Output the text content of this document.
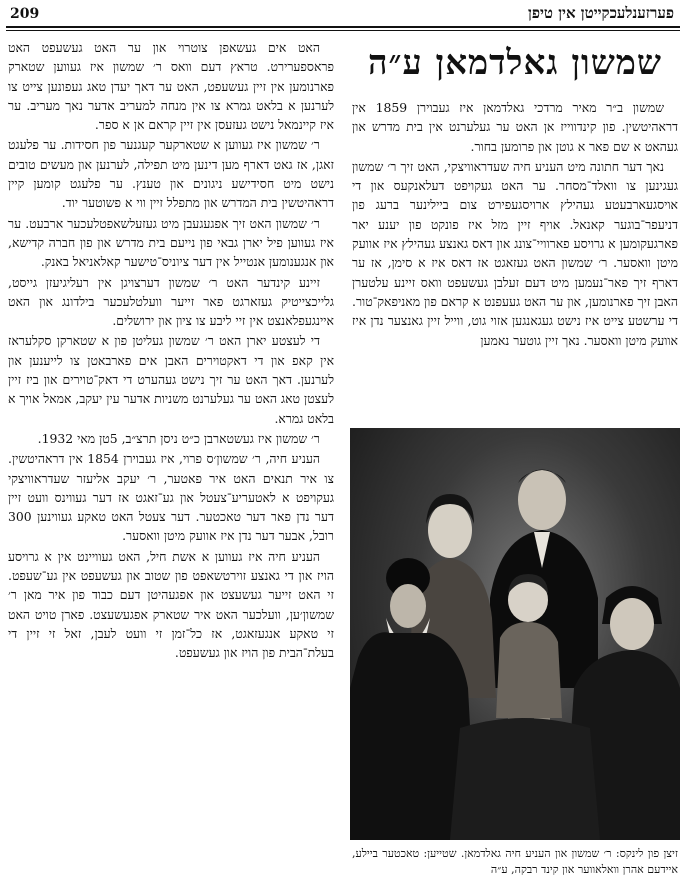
209	פערזענלעכקייטן אין טיפן
שמשון גאלדמאן ע״ה

שמשון ב״ר מאיר מרדכי גאלדמאן איז געבוירן 1859 אין דראהיטשין. פון קינדווייז אן האט ער געלערנט אין בית מדרש און געהאט א שם פאר א גוטן און פרומען בחור.

נאך דער חתונה מיט העניע חיה שעדראוויצקי, האט זיך ר׳ שמשון געגינען צו וואלד־מסחר. ער האט געקויפט דעלאנקעס און די אויסגעארבעטע געהילץ ארויסגעפירט צום ביילינער ברעג פון דניעפר־בוגער קאנאל. אויף זיין מזל איז פונקט פון יענע יאר פארגעקומען א גרויסע פארוויי־צונג און דאס גאנצע געהילץ איז אוועק מיטן וואסער. ר׳ שמשון האט געזאגט אז דאס איז א סימן, אז ער דארף זיך פאר־נעמען מיט דעם זעלבן געשעפט וואס זיינע עלטערן האבן זיך פארנומען, און ער האט געעפנט א קראם פון מאניפאק־טור. די ערשטע צייט איז נישט געגאנגען אזוי גוט, ווייל זיין גאנצער נדן איז אוועק מיטן וואסער. נאך זיין גוטער נאמען

האט אים געשאפן צוטרוי און ער האט געשעפט האט פראספערירט. טראץ דעם וואס ר׳ שמשון איז געווען שטארק פארנומען אין זיין געשעפט, האט ער דאך יעדן טאג געפונען צייט צו לערנען א בלאט גמרא צו אין מנחה למעריב אדער נאך מעריב. ער איז קיינמאל נישט געזעסן אין זיין קראם אן א ספר.

ר׳ שמשון איז געווען א שטארקער קעגנער פון חסידות. ער פלעגט זאגן, אז גאט דארף מען דינען מיט תפילה, לערנען און מעשים טובים נישט מיט חסידישע ניגונים און טענץ. ער פלעגט קומען קיין דראהיטשין בית המדרש און מתפלל זיין ווי א פשוטער יוד.

ר׳ שמשון האט זיך אפגעגעבן מיט געזעלשאפטלעכער ארבעט. ער איז געווען פיל יארן גבאי פון נייעם בית מדרש און פון חברה קדישא, און אנגענומען אנטייל אין דער ציוניס־טישער קאלאניאל באנק.

זיינע קינדער האט ר׳ שמשון דערצויגן אין רעליגיעזן גייסט, גלייכצייטיק געזארגט פאר זייער וועלטלעכער בילדונג און האט איינגעפלאנצט אין זיי ליבע צו ציון און ירושלים.

די לעצטע יארן האט ר׳ שמשון געליטן פון א שטארקן סקלעראז אין קאפ און די דאקטוירים האבן אים פארבאטן צו לייענען און לערנען. דאך האט ער זיך נישט געהערט די דאק־טוירים און ביז זיין לעצטן טאג האט ער געלערנט משניות אדער עין יעקב, אמאל אויך א בלאט גמרא.

ר׳ שמשון איז געשטארבן כ״ט ניסן תרצ״ב, 5טן מאי 1932.

העניע חיה, ר׳ שמשון׳ס פרוי, איז געבוירן 1854 אין דראהיטשין. צו איר תנאים האט איר פאטער, ר׳ יעקב אליעזר שעדראוויצקי געקויפט א לאטעריע־צעטל און גע־זאגט אז דער געווינס וועט זיין דער נדן פאר דער טאכטער. דער צעטל האט טאקע געווינען 300 רובל, אבער דער נדן איז אוועק מיטן וואסער.

העניע חיה איז געווען א אשת חיל, האט געוויינט אין א גרויסע הויז און די גאנצע זוירטשאפט פון שטוב און געשעפט אין גע־שעפט. זי האט זייער געשעצט און אפגעהיטן דעם כבוד פון איר מאן ר׳ שמשון׳ען, וועלכער האט איר שטארק אפגעשעצט. פארן טויט האט זי טאקע אנגעזאגט, אז כל־זמן זי וועט לעבן, זאל זי זיין די בעלת־הבית פון הויז און געשעפט.

זיצן פון לינקס: ר׳ שמשון און העניע חיה גאלדמאן. שטייען: טאכטער ביילע, איידעם אהרן וואלאווער און קינד רבקה, ע״ה
